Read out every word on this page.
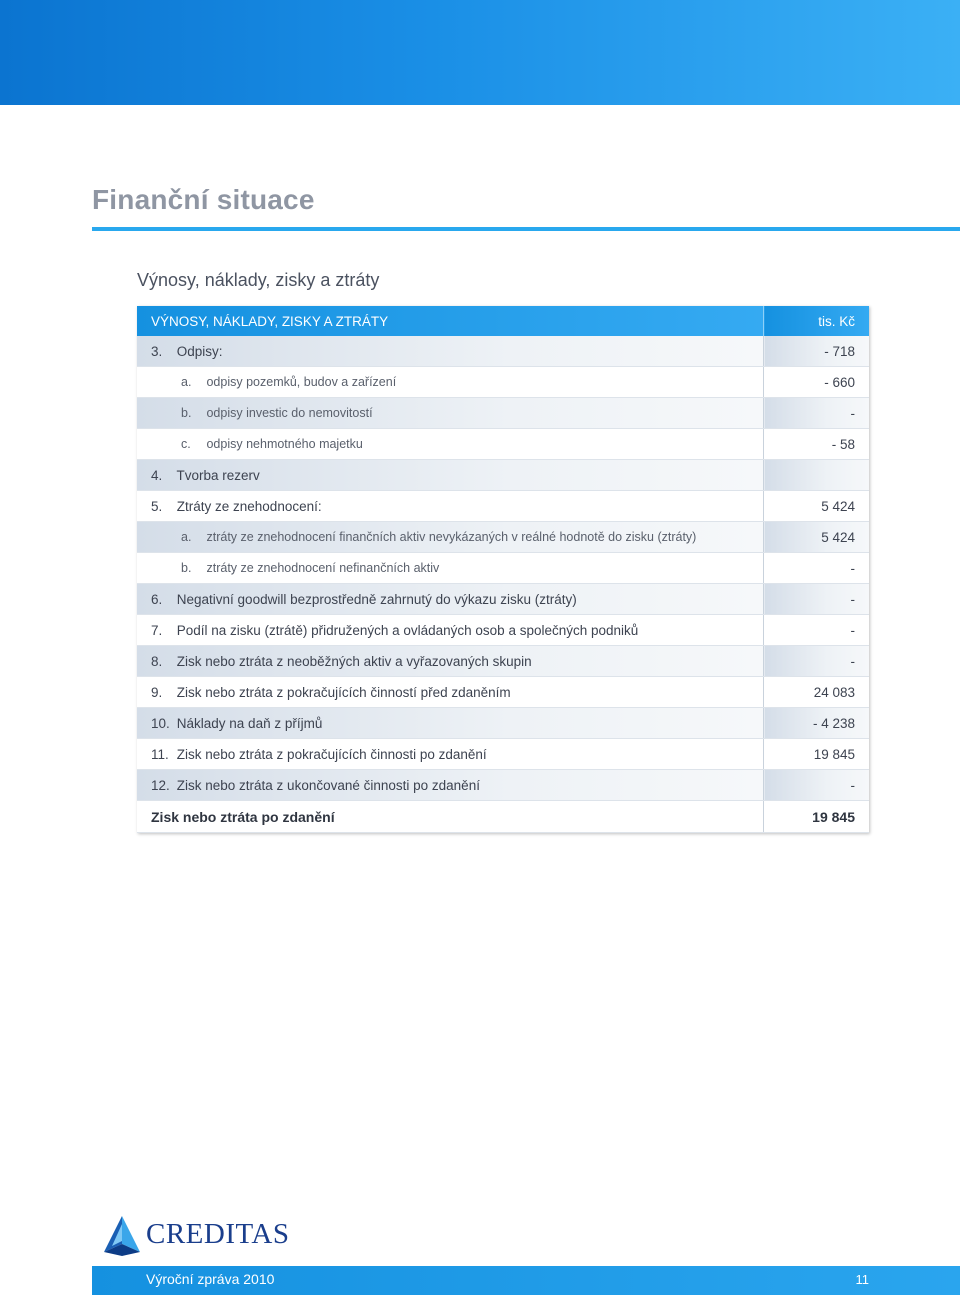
Finanční situace
Výnosy, náklady, zisky a ztráty
VÝNOSY, NÁKLADY, ZISKY A ZTRÁTY	tis. Kč
3. Odpisy:	- 718
a. odpisy pozemků, budov a zařízení	- 660
b. odpisy investic do nemovitostí	-
c. odpisy nehmotného majetku	- 58
4. Tvorba rezerv	
5. Ztráty ze znehodnocení:	5 424
a. ztráty ze znehodnocení finančních aktiv nevykázaných v reálné hodnotě do zisku (ztráty)	5 424
b. ztráty ze znehodnocení nefinančních aktiv	-
6. Negativní goodwill bezprostředně zahrnutý do výkazu zisku (ztráty)	-
7. Podíl na zisku (ztrátě) přidružených a ovládaných osob a společných podniků	-
8. Zisk nebo ztráta z neoběžných aktiv a vyřazovaných skupin	-
9. Zisk nebo ztráta z pokračujících činností před zdaněním	24 083
10. Náklady na daň z příjmů	- 4 238
11. Zisk nebo ztráta z pokračujících činnosti po zdanění	19 845
12. Zisk nebo ztráta z ukončované činnosti po zdanění	-
Zisk nebo ztráta po zdanění	19 845
CREDITAS
Výroční zpráva 2010	11
